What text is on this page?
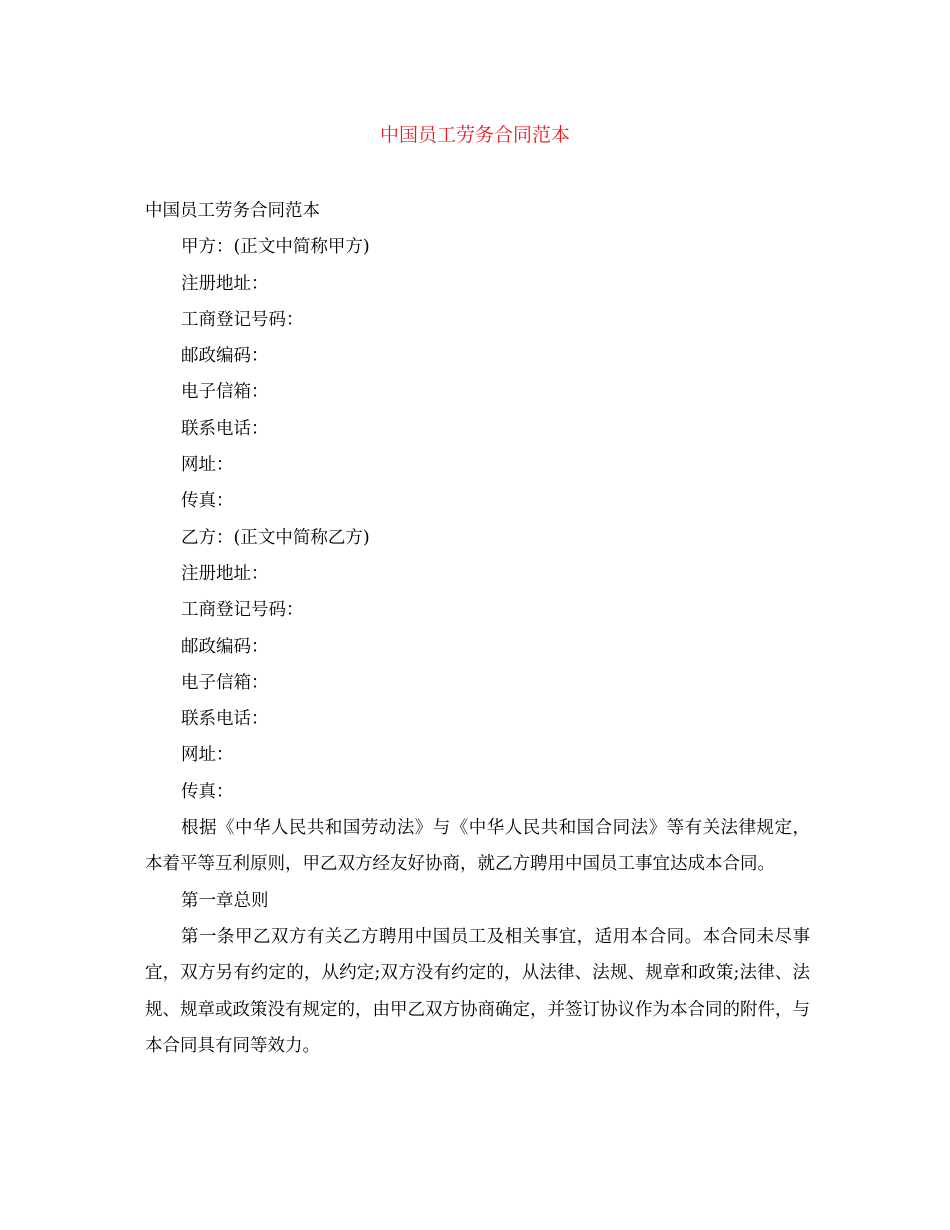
中国员工劳务合同范本

中国员工劳务合同范本

甲方：(正文中简称甲方)

注册地址：

工商登记号码：

邮政编码：

电子信箱：

联系电话：

网址：

传真：

乙方：(正文中简称乙方)

注册地址：

工商登记号码：

邮政编码：

电子信箱：

联系电话：

网址：

传真：

根据《中华人民共和国劳动法》与《中华人民共和国合同法》等有关法律规定，本着平等互利原则，甲乙双方经友好协商，就乙方聘用中国员工事宜达成本合同。

第一章总则

第一条甲乙双方有关乙方聘用中国员工及相关事宜，适用本合同。本合同未尽事宜，双方另有约定的，从约定;双方没有约定的，从法律、法规、规章和政策;法律、法规、规章或政策没有规定的，由甲乙双方协商确定，并签订协议作为本合同的附件，与本合同具有同等效力。
